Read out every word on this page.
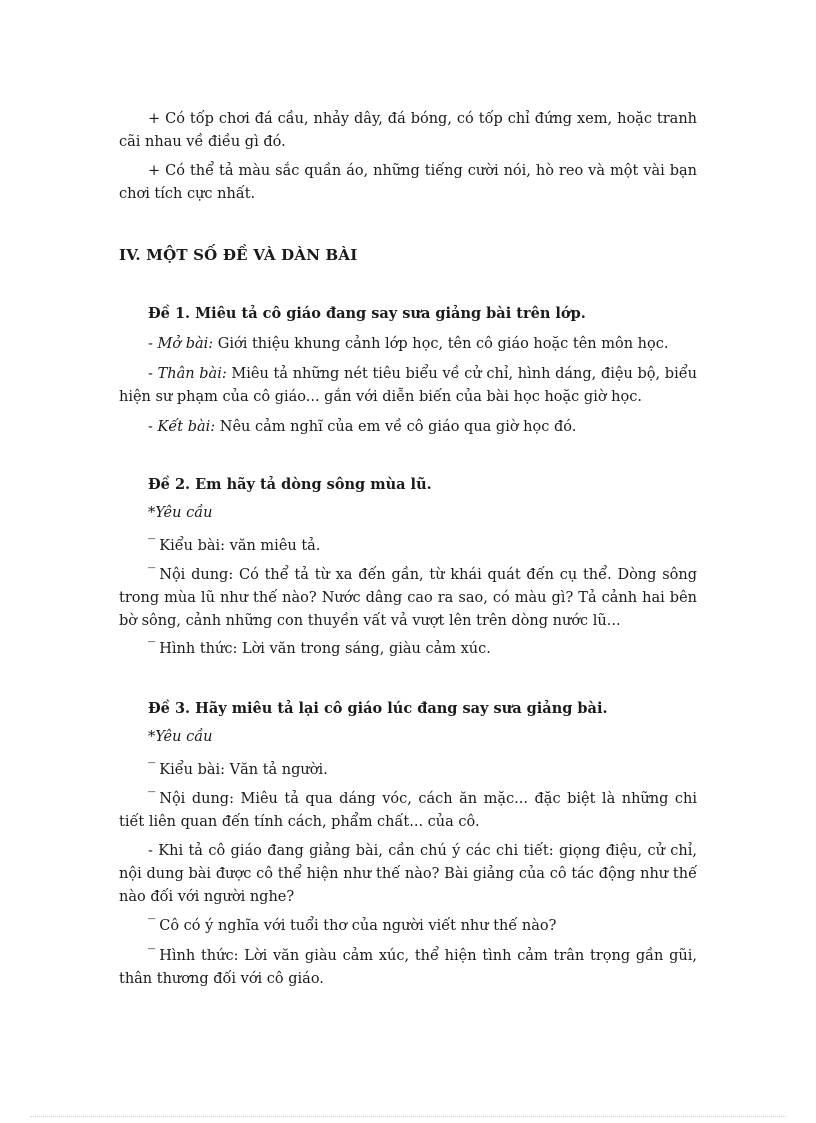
+ Có tốp chơi đá cầu, nhảy dây, đá bóng, có tốp chỉ đứng xem, hoặc tranh cãi nhau về điều gì đó.

+ Có thể tả màu sắc quần áo, những tiếng cười nói, hò reo và một vài bạn chơi tích cực nhất.

IV. MỘT SỐ ĐỀ VÀ DÀN BÀI

Đề 1. Miêu tả cô giáo đang say sưa giảng bài trên lớp.

- Mở bài: Giới thiệu khung cảnh lớp học, tên cô giáo hoặc tên môn học.

- Thân bài: Miêu tả những nét tiêu biểu về cử chỉ, hình dáng, điệu bộ, biểu hiện sư phạm của cô giáo... gắn với diễn biến của bài học hoặc giờ học.

- Kết bài: Nêu cảm nghĩ của em về cô giáo qua giờ học đó.

Đề 2. Em hãy tả dòng sông mùa lũ.

*Yêu cầu

‾ Kiểu bài: văn miêu tả.

‾ Nội dung: Có thể tả từ xa đến gần, từ khái quát đến cụ thể. Dòng sông trong mùa lũ như thế nào? Nước dâng cao ra sao, có màu gì? Tả cảnh hai bên bờ sông, cảnh những con thuyền vất vả vượt lên trên dòng nước lũ...

‾ Hình thức: Lời văn trong sáng, giàu cảm xúc.

Đề 3. Hãy miêu tả lại cô giáo lúc đang say sưa giảng bài.

*Yêu cầu

‾ Kiểu bài: Văn tả người.

‾ Nội dung: Miêu tả qua dáng vóc, cách ăn mặc... đặc biệt là những chi tiết liên quan đến tính cách, phẩm chất... của cô.

- Khi tả cô giáo đang giảng bài, cần chú ý các chi tiết: giọng điệu, cử chỉ, nội dung bài được cô thể hiện như thế nào? Bài giảng của cô tác động như thế nào đối với người nghe?

‾ Cô có ý nghĩa với tuổi thơ của người viết như thế nào?

‾ Hình thức: Lời văn giàu cảm xúc, thể hiện tình cảm trân trọng gần gũi, thân thương đối với cô giáo.
